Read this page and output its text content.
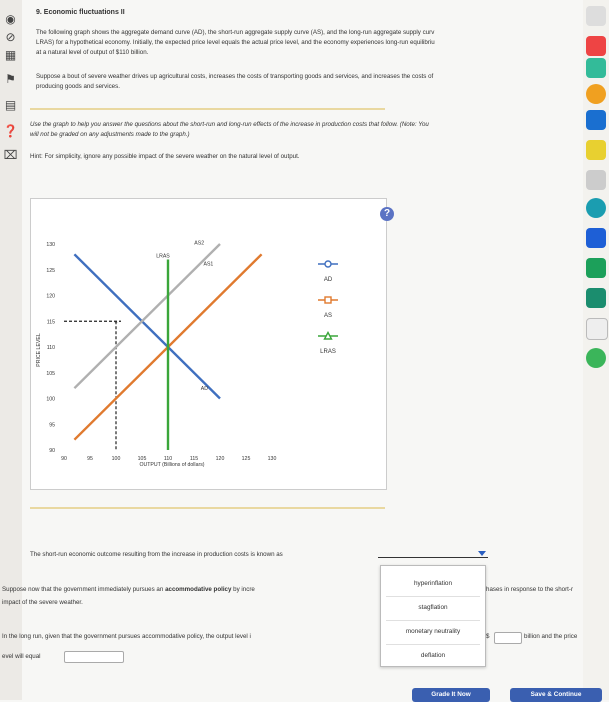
◉
⊘
▦
⚑
▤
❓
⌧
9. Economic fluctuations II
The following graph shows the aggregate demand curve (AD), the short-run aggregate supply curve (AS), and the long-run aggregate supply curv
LRAS) for a hypothetical economy. Initially, the expected price level equals the actual price level, and the economy experiences long-run equilibriu
at a natural level of output of $110 billion.
Suppose a bout of severe weather drives up agricultural costs, increases the costs of transporting goods and services, and increases the costs of
producing goods and services.
Use the graph to help you answer the questions about the short-run and long-run effects of the increase in production costs that follow. (Note: You
will not be graded on any adjustments made to the graph.)
Hint: For simplicity, ignore any possible impact of the severe weather on the natural level of output.
?
PRICE LEVEL
OUTPUT (Billions of dollars)
90
95
100
105
110
115
120
125
130
90	95	100	105	110	115	120	125	130
+
LRAS
AS2
AS1
AD
AD
AS
LRAS
The short-run economic outcome resulting from the increase in production costs is known as
Suppose now that the government immediately pursues an accommodative policy by incre	hases in response to the short-r
impact of the severe weather.
In the long run, given that the government pursues accommodative policy, the output level i	$	billion and the price
evel will equal
hyperinflation
stagflation
monetary neutrality
deflation
Grade It Now	Save & Continue
